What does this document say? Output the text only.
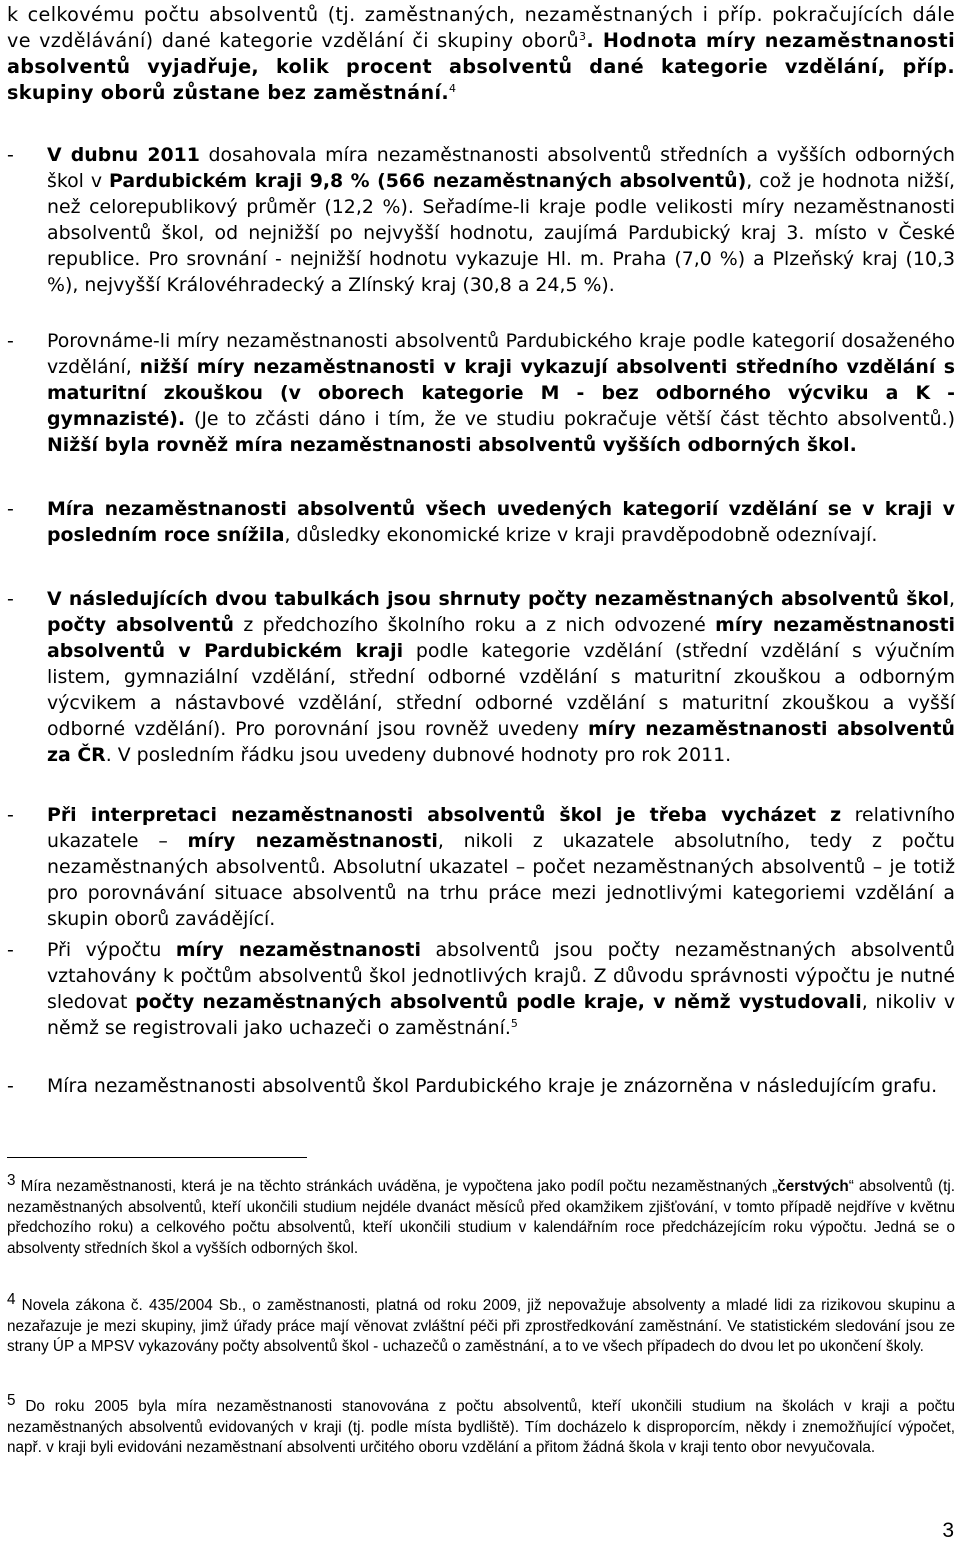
k celkovému počtu absolventů (tj. zaměstnaných, nezaměstnaných i příp. pokračujících dále ve vzdělávání) dané kategorie vzdělání či skupiny oborů$^3$. Hodnota míry nezaměstnanosti absolventů vyjadřuje, kolik procent absolventů dané kategorie vzdělání, příp. skupiny oborů zůstane bez zaměstnání.$^4$

- V dubnu 2011 dosahovala míra nezaměstnanosti absolventů středních a vyšších odborných škol v Pardubickém kraji 9,8 % (566 nezaměstnaných absolventů), což je hodnota nižší, než celorepublikový průměr (12,2 %). Seřadíme-li kraje podle velikosti míry nezaměstnanosti absolventů škol, od nejnižší po nejvyšší hodnotu, zaujímá Pardubický kraj 3. místo v České republice. Pro srovnání - nejnižší hodnotu vykazuje Hl. m. Praha (7,0 %) a Plzeňský kraj (10,3 %), nejvyšší Královéhradecký a Zlínský kraj (30,8 a 24,5 %).

- Porovnáme-li míry nezaměstnanosti absolventů Pardubického kraje podle kategorií dosaženého vzdělání, nižší míry nezaměstnanosti v kraji vykazují absolventi středního vzdělání s maturitní zkouškou (v oborech kategorie M - bez odborného výcviku a K - gymnazisté). (Je to zčásti dáno i tím, že ve studiu pokračuje větší část těchto absolventů.) Nižší byla rovněž míra nezaměstnanosti absolventů vyšších odborných škol.

- Míra nezaměstnanosti absolventů všech uvedených kategorií vzdělání se v kraji v posledním roce snížila, důsledky ekonomické krize v kraji pravděpodobně odeznívají.

- V následujících dvou tabulkách jsou shrnuty počty nezaměstnaných absolventů škol, počty absolventů z předchozího školního roku a z nich odvozené míry nezaměstnanosti absolventů v Pardubickém kraji podle kategorie vzdělání (střední vzdělání s výučním listem, gymnaziální vzdělání, střední odborné vzdělání s maturitní zkouškou a odborným výcvikem a nástavbové vzdělání, střední odborné vzdělání s maturitní zkouškou a vyšší odborné vzdělání). Pro porovnání jsou rovněž uvedeny míry nezaměstnanosti absolventů za ČR. V posledním řádku jsou uvedeny dubnové hodnoty pro rok 2011.

- Při interpretaci nezaměstnanosti absolventů škol je třeba vycházet z relativního ukazatele – míry nezaměstnanosti, nikoli z ukazatele absolutního, tedy z počtu nezaměstnaných absolventů. Absolutní ukazatel – počet nezaměstnaných absolventů – je totiž pro porovnávání situace absolventů na trhu práce mezi jednotlivými kategoriemi vzdělání a skupin oborů zavádějící.

- Při výpočtu míry nezaměstnanosti absolventů jsou počty nezaměstnaných absolventů vztahovány k počtům absolventů škol jednotlivých krajů. Z důvodu správnosti výpočtu je nutné sledovat počty nezaměstnaných absolventů podle kraje, v němž vystudovali, nikoliv v němž se registrovali jako uchazeči o zaměstnání.$^5$

- Míra nezaměstnanosti absolventů škol Pardubického kraje je znázorněna v následujícím grafu.

$^3$ Míra nezaměstnanosti, která je na těchto stránkách uváděna, je vypočtena jako podíl počtu nezaměstnaných „čerstvých“ absolventů (tj. nezaměstnaných absolventů, kteří ukončili studium nejdéle dvanáct měsíců před okamžikem zjišťování, v tomto případě nejdříve v květnu předchozího roku) a celkového počtu absolventů, kteří ukončili studium v kalendářním roce předcházejícím roku výpočtu. Jedná se o absolventy středních škol a vyšších odborných škol.

$^4$ Novela zákona č. 435/2004 Sb., o zaměstnanosti, platná od roku 2009, již nepovažuje absolventy a mladé lidi za rizikovou skupinu a nezařazuje je mezi skupiny, jimž úřady práce mají věnovat zvláštní péči při zprostředkování zaměstnání. Ve statistickém sledování jsou ze strany ÚP a MPSV vykazovány počty absolventů škol - uchazečů o zaměstnání, a to ve všech případech do dvou let po ukončení školy.

$^5$ Do roku 2005 byla míra nezaměstnanosti stanovována z počtu absolventů, kteří ukončili studium na školách v kraji a počtu nezaměstnaných absolventů evidovaných v kraji (tj. podle místa bydliště). Tím docházelo k disproporcím, někdy i znemožňující výpočet, např. v kraji byli evidováni nezaměstnaní absolventi určitého oboru vzdělání a přitom žádná škola v kraji tento obor nevyučovala.

3
